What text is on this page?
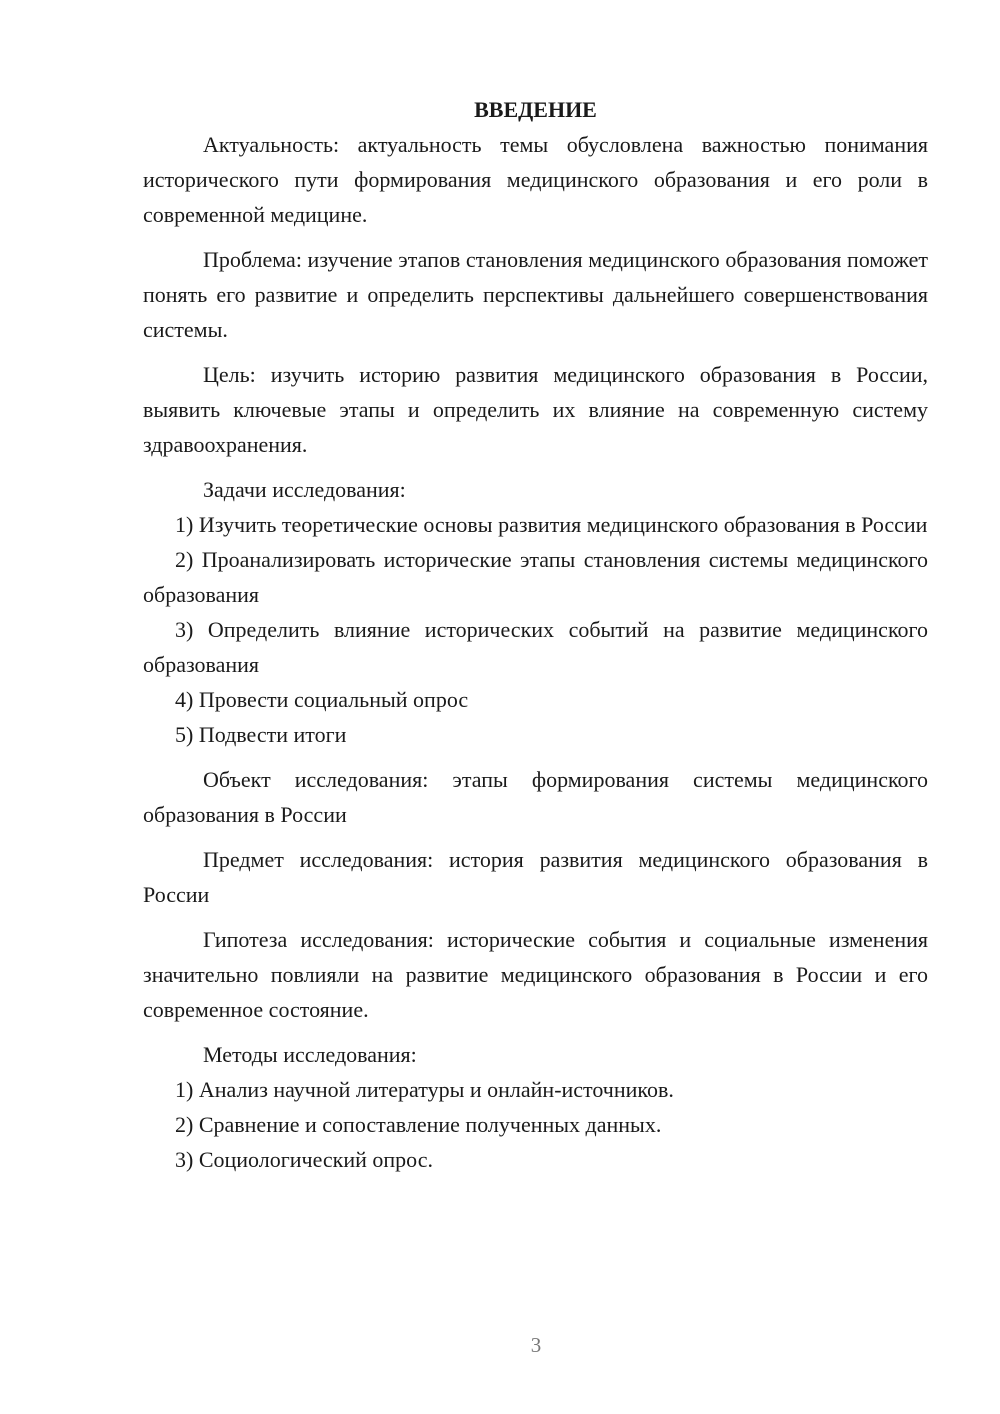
ВВЕДЕНИЕ

Актуальность: актуальность темы обусловлена важностью понимания исторического пути формирования медицинского образования и его роли в современной медицине.

Проблема: изучение этапов становления медицинского образования поможет понять его развитие и определить перспективы дальнейшего совершенствования системы.

Цель: изучить историю развития медицинского образования в России, выявить ключевые этапы и определить их влияние на современную систему здравоохранения.

Задачи исследования:

1) Изучить теоретические основы развития медицинского образования в России

2) Проанализировать исторические этапы становления системы медицинского образования

3) Определить влияние исторических событий на развитие медицинского образования

4) Провести социальный опрос

5) Подвести итоги

Объект исследования: этапы формирования системы медицинского образования в России

Предмет исследования: история развития медицинского образования в России

Гипотеза исследования: исторические события и социальные изменения значительно повлияли на развитие медицинского образования в России и его современное состояние.

Методы исследования:

1) Анализ научной литературы и онлайн-источников.

2) Сравнение и сопоставление полученных данных.

3) Социологический опрос.

3
